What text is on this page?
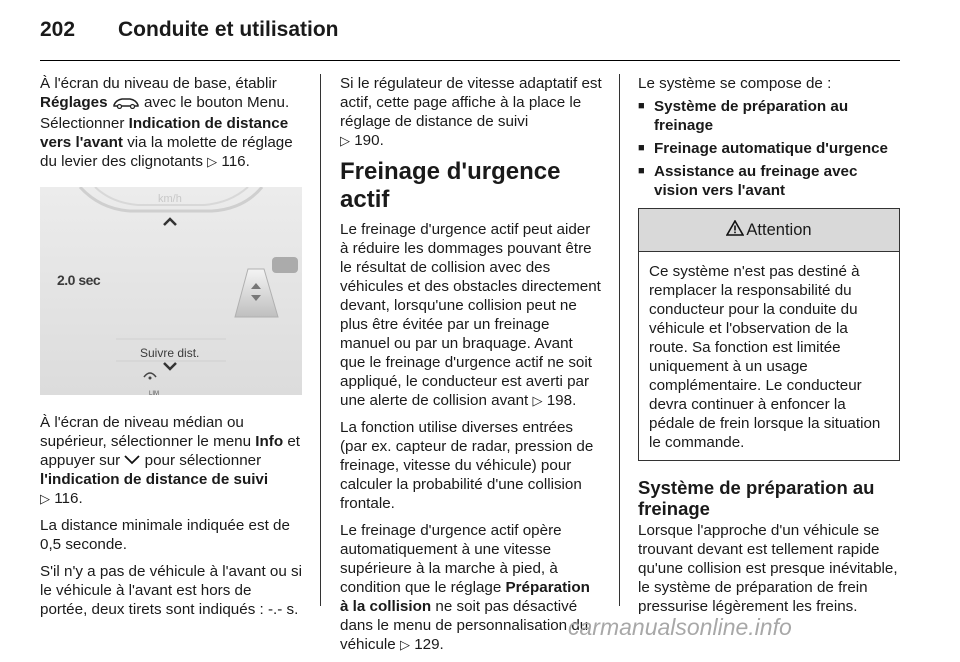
202 Conduite et utilisation

À l'écran du niveau de base, établir Réglages  avec le bouton Menu. Sélectionner Indication de distance vers l'avant via la molette de réglage du levier des clignotants ▷ 116.

km/h
2.0 sec
Suivre dist.
LIM

À l'écran de niveau médian ou supérieur, sélectionner le menu Info et appuyer sur  pour sélectionner l'indication de distance de suivi
▷ 116.

La distance minimale indiquée est de 0,5 seconde.

S'il n'y a pas de véhicule à l'avant ou si le véhicule à l'avant est hors de portée, deux tirets sont indiqués : -.- s.

Si le régulateur de vitesse adaptatif est actif, cette page affiche à la place le réglage de distance de suivi
▷ 190.

Freinage d'urgence actif

Le freinage d'urgence actif peut aider à réduire les dommages pouvant être le résultat de collision avec des véhicules et des obstacles directement devant, lorsqu'une collision peut ne plus être évitée par un freinage manuel ou par un braquage. Avant que le freinage d'urgence actif ne soit appliqué, le conducteur est averti par une alerte de collision avant ▷ 198.

La fonction utilise diverses entrées (par ex. capteur de radar, pression de freinage, vitesse du véhicule) pour calculer la probabilité d'une collision frontale.

Le freinage d'urgence actif opère automatiquement à une vitesse supérieure à la marche à pied, à condition que le réglage Préparation à la collision ne soit pas désactivé dans le menu de personnalisation du véhicule ▷ 129.

Le système se compose de :

■ Système de préparation au freinage
■ Freinage automatique d'urgence
■ Assistance au freinage avec vision vers l'avant
Attention
Ce système n'est pas destiné à remplacer la responsabilité du conducteur pour la conduite du véhicule et l'observation de la route. Sa fonction est limitée uniquement à un usage complémentaire. Le conducteur devra continuer à enfoncer la pédale de frein lorsque la situation le commande.
Système de préparation au freinage

Lorsque l'approche d'un véhicule se trouvant devant est tellement rapide qu'une collision est presque inévitable, le système de préparation de frein pressurise légèrement les freins.

carmanualsonline.info
